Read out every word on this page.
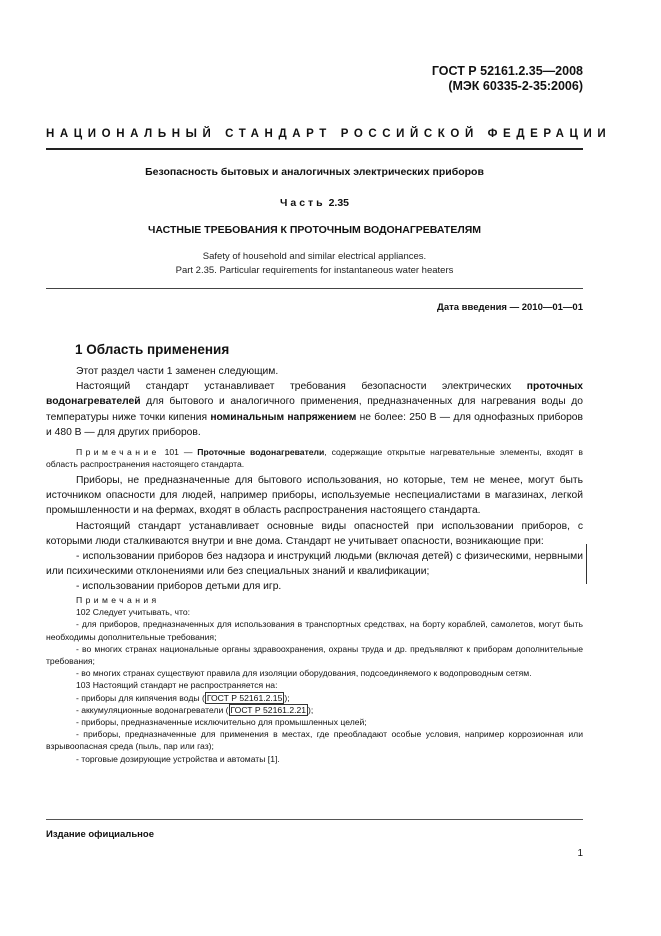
ГОСТ Р 52161.2.35—2008
(МЭК 60335-2-35:2006)
НАЦИОНАЛЬНЫЙ СТАНДАРТ РОССИЙСКОЙ ФЕДЕРАЦИИ
Безопасность бытовых и аналогичных электрических приборов
Часть 2.35
ЧАСТНЫЕ ТРЕБОВАНИЯ К ПРОТОЧНЫМ ВОДОНАГРЕВАТЕЛЯМ
Safety of household and similar electrical appliances.
Part 2.35. Particular requirements for instantaneous water heaters
Дата введения — 2010—01—01
1 Область применения

Этот раздел части 1 заменен следующим.

Настоящий стандарт устанавливает требования безопасности электрических проточных водонагревателей для бытового и аналогичного применения, предназначенных для нагревания воды до температуры ниже точки кипения номинальным напряжением не более: 250 В — для однофазных приборов и 480 В — для других приборов.

Примечание 101 — Проточные водонагреватели, содержащие открытые нагревательные элементы, входят в область распространения настоящего стандарта.

Приборы, не предназначенные для бытового использования, но которые, тем не менее, могут быть источником опасности для людей, например приборы, используемые неспециалистами в магазинах, легкой промышленности и на фермах, входят в область распространения настоящего стандарта.

Настоящий стандарт устанавливает основные виды опасностей при использовании приборов, с которыми люди сталкиваются внутри и вне дома. Стандарт не учитывает опасности, возникающие при:

- использовании приборов без надзора и инструкций людьми (включая детей) с физическими, нервными или психическими отклонениями или без специальных знаний и квалификации;

- использовании приборов детьми для игр.

Примечания

102 Следует учитывать, что:

- для приборов, предназначенных для использования в транспортных средствах, на борту кораблей, самолетов, могут быть необходимы дополнительные требования;

- во многих странах национальные органы здравоохранения, охраны труда и др. предъявляют к приборам дополнительные требования;

- во многих странах существуют правила для изоляции оборудования, подсоединяемого к водопроводным сетям.

103 Настоящий стандарт не распространяется на:

- приборы для кипячения воды ( ГОСТ Р 52161.2.15 );

- аккумуляционные водонагреватели ( ГОСТ Р 52161.2.21 );

- приборы, предназначенные исключительно для промышленных целей;

- приборы, предназначенные для применения в местах, где преобладают особые условия, например коррозионная или взрывоопасная среда (пыль, пар или газ);

- торговые дозирующие устройства и автоматы [1].

Издание официальное
1
